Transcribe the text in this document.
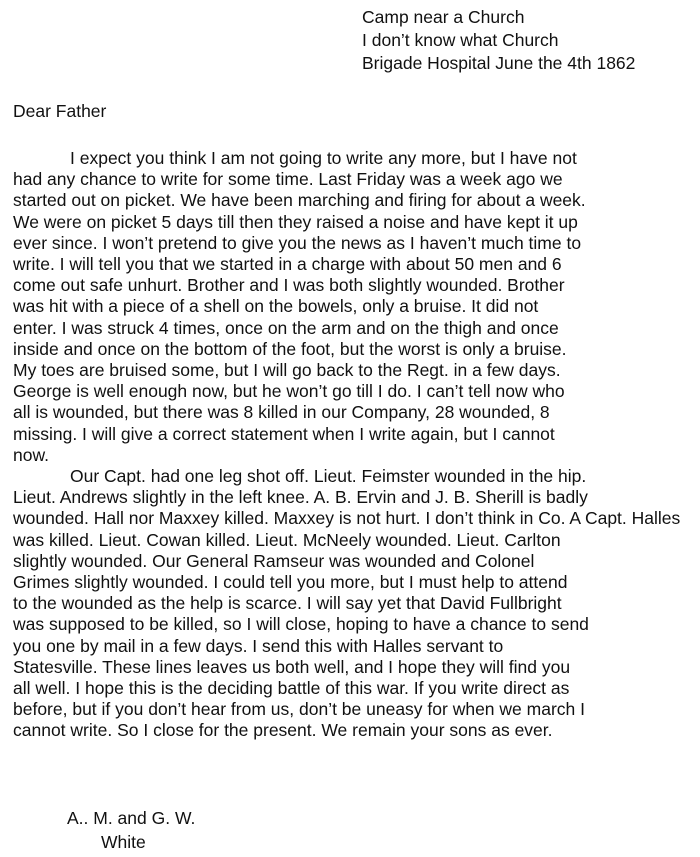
Camp near a Church
I don’t know what Church
Brigade Hospital June the 4th 1862
Dear Father
I expect you think I am not going to write any more, but I have not
had any chance to write for some time. Last Friday was a week ago we
started out on picket. We have been marching and firing for about a week.
We were on picket 5 days till then they raised a noise and have kept it up
ever since. I won’t pretend to give you the news as I haven’t much time to
write. I will tell you that we started in a charge with about 50 men and 6
come out safe unhurt. Brother and I was both slightly wounded. Brother
was hit with a piece of a shell on the bowels, only a bruise. It did not
enter. I was struck 4 times, once on the arm and on the thigh and once
inside and once on the bottom of the foot, but the worst is only a bruise.
My toes are bruised some, but I will go back to the Regt. in a few days.
George is well enough now, but he won’t go till I do. I can’t tell now who
all is wounded, but there was 8 killed in our Company, 28 wounded, 8
missing. I will give a correct statement when I write again, but I cannot
now.
Our Capt. had one leg shot off. Lieut. Feimster wounded in the hip.
Lieut. Andrews slightly in the left knee. A. B. Ervin and J. B. Sherill is badly
wounded. Hall nor Maxxey killed. Maxxey is not hurt. I don’t think in Co. A Capt. Halles
was killed. Lieut. Cowan killed. Lieut. McNeely wounded. Lieut. Carlton
slightly wounded. Our General Ramseur was wounded and Colonel
Grimes slightly wounded. I could tell you more, but I must help to attend
to the wounded as the help is scarce. I will say yet that David Fullbright
was supposed to be killed, so I will close, hoping to have a chance to send
you one by mail in a few days. I send this with Halles servant to
Statesville. These lines leaves us both well, and I hope they will find you
all well. I hope this is the deciding battle of this war. If you write direct as
before, but if you don’t hear from us, don’t be uneasy for when we march I
cannot write. So I close for the present. We remain your sons as ever.
A.. M. and G. W.
White
